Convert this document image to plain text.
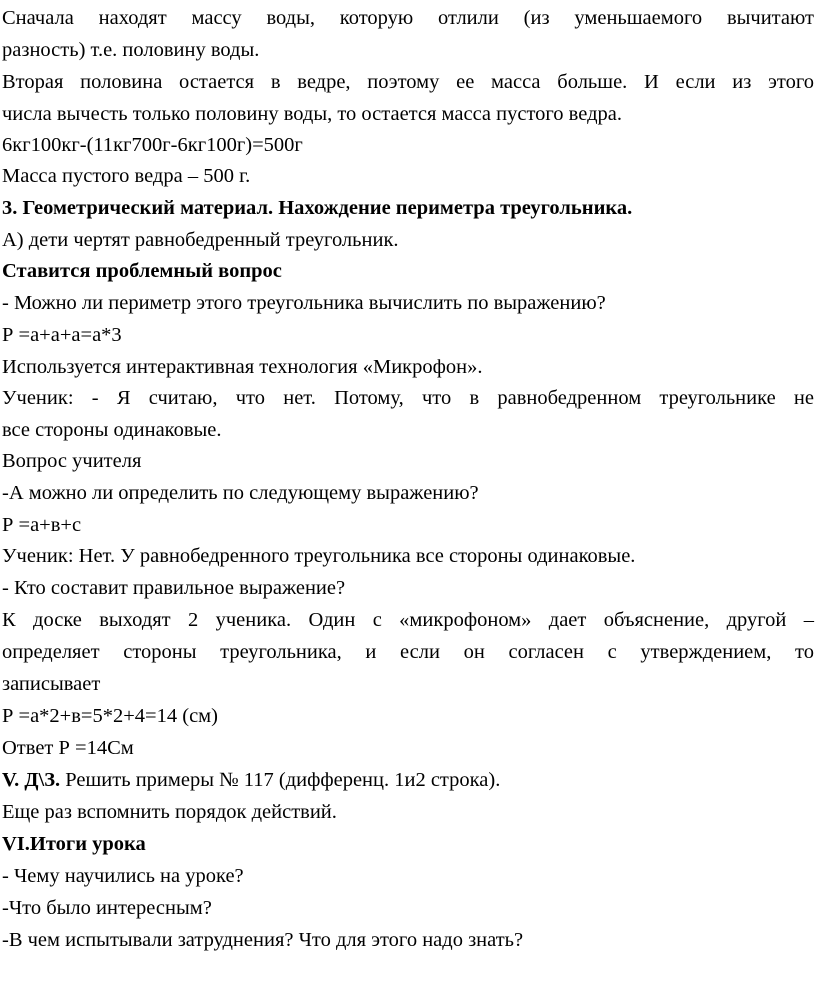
Сначала находят массу воды, которую отлили (из уменьшаемого вычитают
разность) т.е. половину воды.
Вторая половина остается в ведре, поэтому ее масса больше. И если из этого
числа вычесть только половину воды, то остается масса пустого ведра.
6кг100кг-(11кг700г-6кг100г)=500г
Масса пустого ведра – 500 г.
3. Геометрический материал. Нахождение периметра треугольника.
А) дети чертят равнобедренный треугольник.
Ставится проблемный вопрос
- Можно ли периметр этого треугольника вычислить по выражению?
Р =а+а+а=а*3
Используется интерактивная технология «Микрофон».
Ученик: - Я считаю, что нет. Потому, что в равнобедренном треугольнике не
все стороны одинаковые.
Вопрос учителя
-А можно ли определить по следующему выражению?
Р =а+в+с
Ученик: Нет. У равнобедренного треугольника все стороны одинаковые.
- Кто составит правильное выражение?
К доске выходят 2 ученика. Один с «микрофоном» дает объяснение, другой –
определяет стороны треугольника, и если он согласен с утверждением, то
записывает
Р =а*2+в=5*2+4=14 (см)
Ответ Р =14См
V. Д\З. Решить примеры № 117 (дифференц. 1и2 строка).
Еще раз вспомнить порядок действий.
VI.Итоги урока
- Чему научились на уроке?
-Что было интересным?
-В чем испытывали затруднения? Что для этого надо знать?
